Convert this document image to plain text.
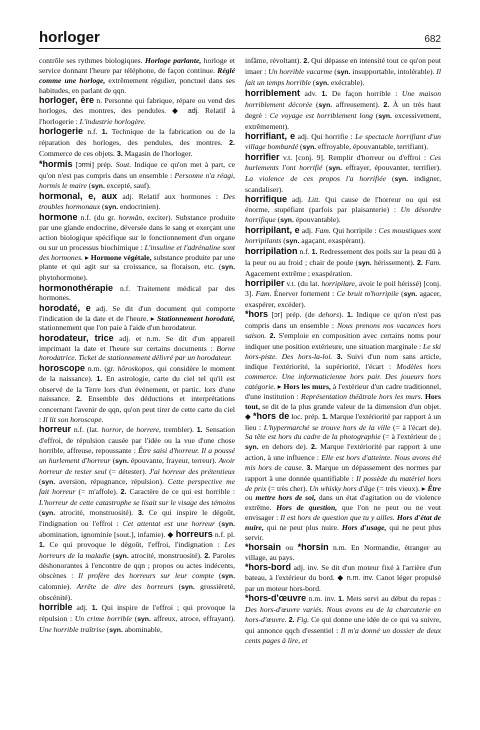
horloger	682

contrôle ses rythmes biologiques. Horloge parlante, horloge et service donnant l'heure par téléphone, de façon continue. Réglé comme une horloge, extrêmement régulier, ponctuel dans ses habitudes, en parlant de qqn.

horloger, ère n. Personne qui fabrique, répare ou vend des horloges, des montres, des pendules. ◆ adj. Relatif à l'horlogerie : L'industrie horlogère.

horlogerie n.f. 1. Technique de la fabrication ou de la réparation des horloges, des pendules, des montres. 2. Commerce de ces objets. 3. Magasin de l'horloger.

*hormis [ɔrmi] prép. Sout. Indique ce qu'on met à part, ce qu'on n'est pas compris dans un ensemble : Personne n'a réagi, hormis le maire (syn. excepté, sauf).

hormonal, e, aux adj. Relatif aux hormones : Des troubles hormonaux (syn. endocrinien).

hormone n.f. (du gr. hormân, exciter). Substance produite par une glande endocrine, déversée dans le sang et exerçant une action biologique spécifique sur le fonctionnement d'un organe ou sur un processus biochimique : L'insuline et l'adrénaline sont des hormones. ▸ Hormone végétale, substance produite par une plante et qui agit sur sa croissance, sa floraison, etc. (syn. phytohormone).

hormonothérapie n.f. Traitement médical par des hormones.

horodaté, e adj. Se dit d'un document qui comporte l'indication de la date et de l'heure. ▸ Stationnement horodaté, stationnement que l'on paie à l'aide d'un horodateur.

horodateur, trice adj. et n.m. Se dit d'un appareil imprimant la date et l'heure sur certains documents : Borne horodatrice. Ticket de stationnement délivré par un horodateur.

horoscope n.m. (gr. hôroskopos, qui considère le moment de la naissance). 1. En astrologie, carte du ciel tel qu'il est observé de la Terre lors d'un événement, et partic. lors d'une naissance. 2. Ensemble des déductions et interprétations concernant l'avenir de qqn, qu'on peut tirer de cette carte du ciel : Il lit son horoscope.

horreur n.f. (lat. horror, de horrere, trembler). 1. Sensation d'effroi, de répulsion causée par l'idée ou la vue d'une chose horrible, affreuse, repoussante : Être saisi d'horreur. Il a poussé un hurlement d'horreur (syn. épouvante, frayeur, terreur). Avoir horreur de rester seul (= détester). J'ai horreur des prétentieux (syn. aversion, répugnance, répulsion). Cette perspective me fait horreur (= m'affole). 2. Caractère de ce qui est horrible : L'horreur de cette catastrophe se lisait sur le visage des témoins (syn. atrocité, monstruosité). 3. Ce qui inspire le dégoût, l'indignation ou l'effroi : Cet attentat est une horreur (syn. abomination, ignominie [sout.], infamie). ◆ horreurs n.f. pl. 1. Ce qui provoque le dégoût, l'effroi, l'indignation : Les horreurs de la maladie (syn. atrocité, monstruosité). 2. Paroles déshonorantes à l'encontre de qqn ; propos ou actes indécents, obscènes : Il profère des horreurs sur leur compte (syn. calomnie). Arrête de dire des horreurs (syn. grossièreté, obscénité).

horrible adj. 1. Qui inspire de l'effroi ; qui provoque la répulsion : Un crime horrible (syn. affreux, atroce, effrayant). Une horrible traîtrise (syn. abominable,

infâme, révoltant). 2. Qui dépasse en intensité tout ce qu'on peut imaer : Un horrible vacarme (syn. insupportable, intolérable). Il fait un temps horrible (syn. exécrable).

horriblement adv. 1. De façon horrible : Une maison horriblement décorée (syn. affreusement). 2. À un très haut degré : Ce voyage est horriblement long (syn. excessivement, extrêmement).

horrifiant, e adj. Qui horrifie : Le spectacle horrifiant d'un village bombardé (syn. effroyable, épouvantable, terrifiant).

horrifier v.t. [conj. 9]. Remplir d'horreur ou d'effroi : Ces hurlements l'ont horrifié (syn. effrayer, épouvanter, terrifier). La violence de ces propos l'a horrifiée (syn. indigner, scandaliser).

horrifique adj. Litt. Qui cause de l'horreur ou qui est énorme, stupéfiant (parfois par plaisanterie) : Un désordre horrifique (syn. épouvantable).

horripilant, e adj. Fam. Qui horripile : Ces moustiques sont horripilants (syn. agaçant, exaspérant).

horripilation n.f. 1. Redressement des poils sur la peau dû à la peur ou au froid ; chair de poule (syn. hérissement). 2. Fam. Agacement extrême ; exaspération.

horripiler v.t. (du lat. horripilare, avoir le poil hérissé) [conj. 3]. Fam. Énerver fortement : Ce bruit m'horripile (syn. agacer, exaspérer, excéder).

*hors [ɔr] prép. (de dehors). 1. Indique ce qu'on n'est pas compris dans un ensemble : Nous prenons nos vacances hors saison. 2. S'emploie en composition avec certains noms pour indiquer une position extérieure, une situation marginale : Le ski hors-piste. Des hors-la-loi. 3. Suivi d'un nom sans article, indique l'extériorité, la supériorité, l'écart : Modèles hors commerce. Une informaticienne hors pair. Des joueurs hors catégorie. ▸ Hors les murs, à l'extérieur d'un cadre traditionnel, d'une institution : Représentation théâtrale hors les murs. Hors tout, se dit de la plus grande valeur de la dimension d'un objet. ◆ *hors de loc. prép. 1. Marque l'extériorité par rapport à un lieu : L'hypermarché se trouve hors de la ville (= à l'écart de). Sa tête est hors du cadre de la photographie (= à l'extérieur de ; syn. en dehors de). 2. Marque l'extériorité par rapport à une action, à une influence : Elle est hors d'atteinte. Nous avons été mis hors de cause. 3. Marque un dépassement des normes par rapport à une donnée quantifiable : Il possède du matériel hors de prix (= très cher). Un whisky hors d'âge (= très vieux). ▸ Être ou mettre hors de soi, dans un état d'agitation ou de violence extrême. Hors de question, que l'on ne peut ou ne veut envisager : Il est hors de question que tu y ailles. Hors d'état de nuire, qui ne peut plus nuire. Hors d'usage, qui ne peut plus servir.

*horsain ou *horsin n.m. En Normandie, étranger au village, au pays.

*hors-bord adj. inv. Se dit d'un moteur fixé à l'arrière d'un bateau, à l'extérieur du bord. ◆ n.m. inv. Canot léger propulsé par un moteur hors-bord.

*hors-d'œuvre n.m. inv. 1. Mets servi au début du repas : Des hors-d'œuvre variés. Nous avons eu de la charcuterie en hors-d'œuvre. 2. Fig. Ce qui donne une idée de ce qui va suivre, qui annonce qqch d'essentiel : Il m'a donné un dossier de deux cents pages à lire, et
